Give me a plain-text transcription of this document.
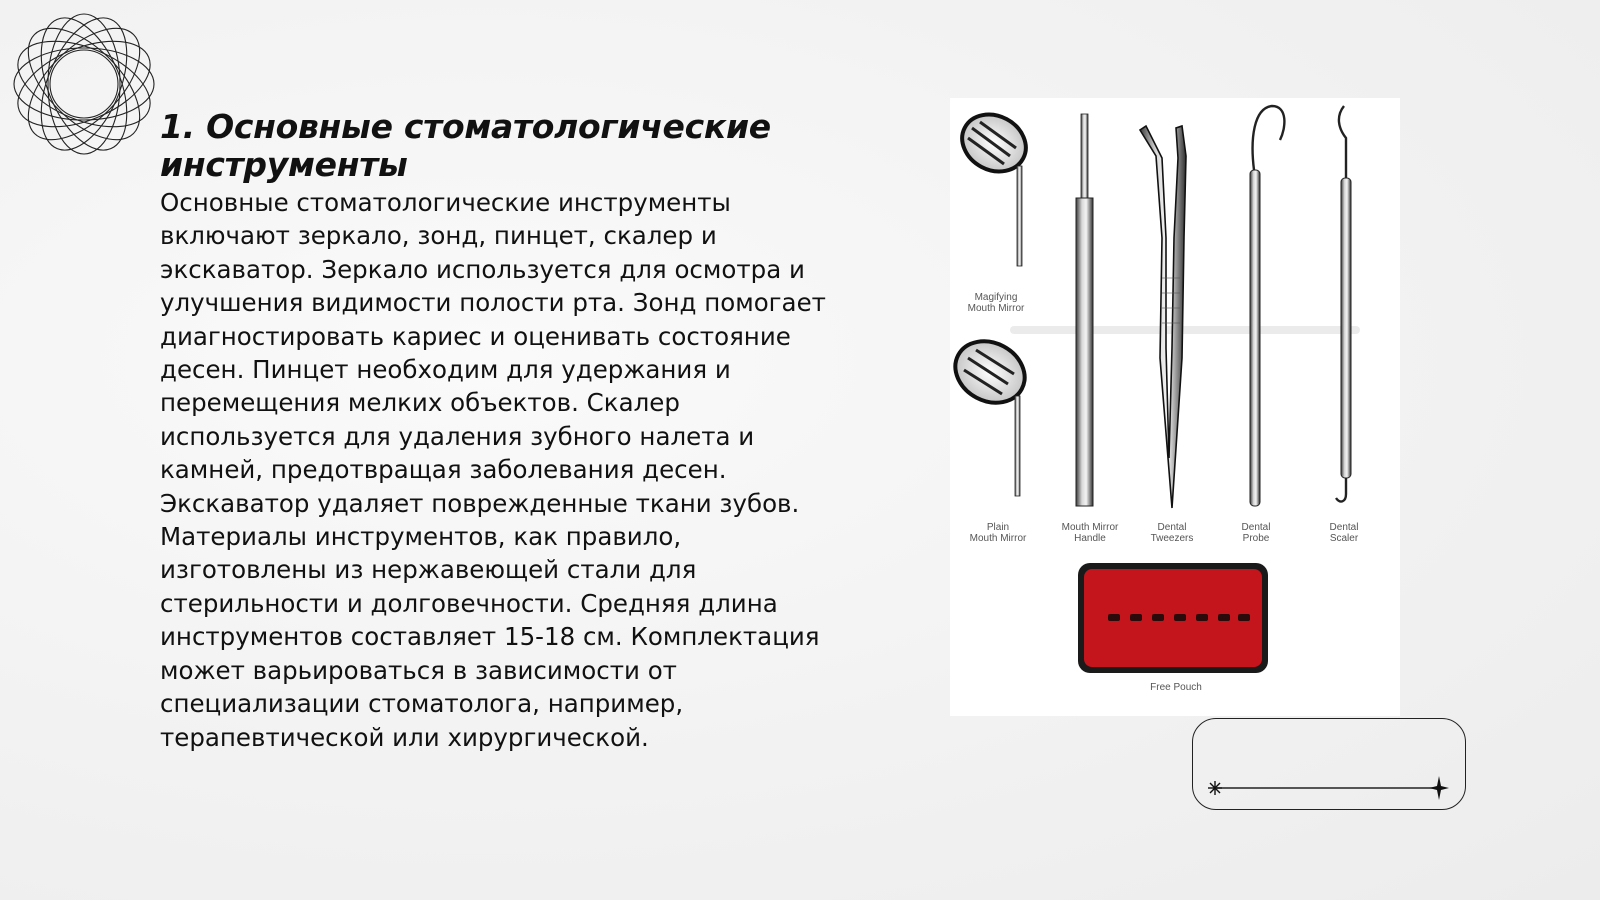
1. Основные стоматологические инструменты

Основные стоматологические инструменты включают зеркало, зонд, пинцет, скалер и экскаватор. Зеркало используется для осмотра и улучшения видимости полости рта. Зонд помогает диагностировать кариес и оценивать состояние десен. Пинцет необходим для удержания и перемещения мелких объектов. Скалер используется для удаления зубного налета и камней, предотвращая заболевания десен. Экскаватор удаляет поврежденные ткани зубов. Материалы инструментов, как правило, изготовлены из нержавеющей стали для стерильности и долговечности. Средняя длина инструментов составляет 15-18 см. Комплектация может варьироваться в зависимости от специализации стоматолога, например, терапевтической или хирургической.

Magifying
Mouth Mirror
Plain
Mouth Mirror
Mouth Mirror
Handle
Dental
Tweezers
Dental
Probe
Dental
Scaler
Free Pouch
